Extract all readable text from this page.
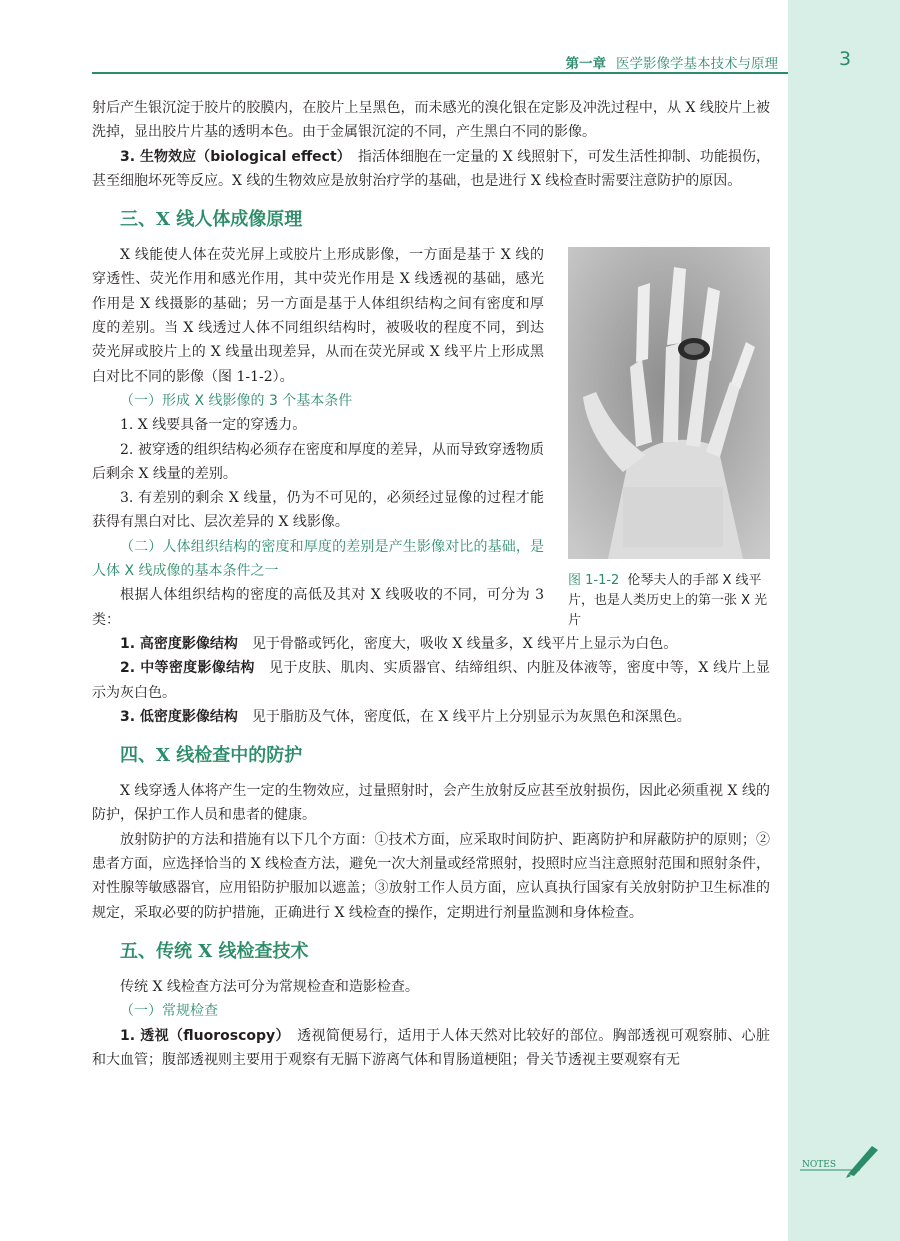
第一章 医学影像学基本技术与原理	3

射后产生银沉淀于胶片的胶膜内，在胶片上呈黑色，而未感光的溴化银在定影及冲洗过程中，从 X 线胶片上被洗掉，显出胶片片基的透明本色。由于金属银沉淀的不同，产生黑白不同的影像。

3. 生物效应（biological effect）　 指活体细胞在一定量的 X 线照射下，可发生活性抑制、功能损伤，甚至细胞坏死等反应。X 线的生物效应是放射治疗学的基础，也是进行 X 线检查时需要注意防护的原因。

三、X 线人体成像原理

X 线能使人体在荧光屏上或胶片上形成影像，一方面是基于 X 线的穿透性、荧光作用和感光作用，其中荧光作用是 X 线透视的基础，感光作用是 X 线摄影的基础；另一方面是基于人体组织结构之间有密度和厚度的差别。当 X 线透过人体不同组织结构时，被吸收的程度不同，到达荧光屏或胶片上的 X 线量出现差异，从而在荧光屏或 X 线平片上形成黑白对比不同的影像（图 1-1-2）。

（一）形成 X 线影像的 3 个基本条件

1. X 线要具备一定的穿透力。

2. 被穿透的组织结构必须存在密度和厚度的差异，从而导致穿透物质后剩余 X 线量的差别。

3. 有差别的剩余 X 线量，仍为不可见的，必须经过显像的过程才能获得有黑白对比、层次差异的 X 线影像。

（二）人体组织结构的密度和厚度的差别是产生影像对比的基础，是人体 X 线成像的基本条件之一

根据人体组织结构的密度的高低及其对 X 线吸收的不同，可分为 3 类：

图 1-1-2 伦琴夫人的手部 X 线平片，也是人类历史上的第一张 X 光片

1. 高密度影像结构　 见于骨骼或钙化，密度大，吸收 X 线量多，X 线平片上显示为白色。

2. 中等密度影像结构　 见于皮肤、肌肉、实质器官、结缔组织、内脏及体液等，密度中等，X 线片上显示为灰白色。

3. 低密度影像结构　 见于脂肪及气体，密度低，在 X 线平片上分别显示为灰黑色和深黑色。

四、X 线检查中的防护

X 线穿透人体将产生一定的生物效应，过量照射时，会产生放射反应甚至放射损伤，因此必须重视 X 线的防护，保护工作人员和患者的健康。

放射防护的方法和措施有以下几个方面：①技术方面，应采取时间防护、距离防护和屏蔽防护的原则；②患者方面，应选择恰当的 X 线检查方法，避免一次大剂量或经常照射，投照时应当注意照射范围和照射条件，对性腺等敏感器官，应用铅防护服加以遮盖；③放射工作人员方面，应认真执行国家有关放射防护卫生标准的规定，采取必要的防护措施，正确进行 X 线检查的操作，定期进行剂量监测和身体检查。

五、传统 X 线检查技术

传统 X 线检查方法可分为常规检查和造影检查。

（一）常规检查

1. 透视（fluoroscopy）　 透视简便易行，适用于人体天然对比较好的部位。胸部透视可观察肺、心脏和大血管；腹部透视则主要用于观察有无膈下游离气体和胃肠道梗阻；骨关节透视主要观察有无

NOTES
